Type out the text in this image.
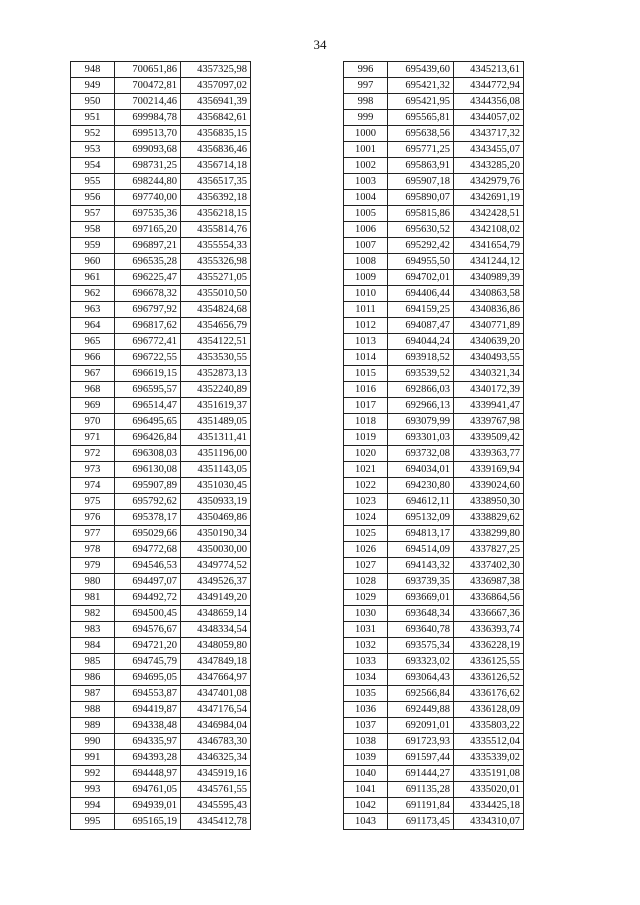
34
948	700651,86	4357325,98
949	700472,81	4357097,02
950	700214,46	4356941,39
951	699984,78	4356842,61
952	699513,70	4356835,15
953	699093,68	4356836,46
954	698731,25	4356714,18
955	698244,80	4356517,35
956	697740,00	4356392,18
957	697535,36	4356218,15
958	697165,20	4355814,76
959	696897,21	4355554,33
960	696535,28	4355326,98
961	696225,47	4355271,05
962	696678,32	4355010,50
963	696797,92	4354824,68
964	696817,62	4354656,79
965	696772,41	4354122,51
966	696722,55	4353530,55
967	696619,15	4352873,13
968	696595,57	4352240,89
969	696514,47	4351619,37
970	696495,65	4351489,05
971	696426,84	4351311,41
972	696308,03	4351196,00
973	696130,08	4351143,05
974	695907,89	4351030,45
975	695792,62	4350933,19
976	695378,17	4350469,86
977	695029,66	4350190,34
978	694772,68	4350030,00
979	694546,53	4349774,52
980	694497,07	4349526,37
981	694492,72	4349149,20
982	694500,45	4348659,14
983	694576,67	4348334,54
984	694721,20	4348059,80
985	694745,79	4347849,18
986	694695,05	4347664,97
987	694553,87	4347401,08
988	694419,87	4347176,54
989	694338,48	4346984,04
990	694335,97	4346783,30
991	694393,28	4346325,34
992	694448,97	4345919,16
993	694761,05	4345761,55
994	694939,01	4345595,43
995	695165,19	4345412,78
996	695439,60	4345213,61
997	695421,32	4344772,94
998	695421,95	4344356,08
999	695565,81	4344057,02
1000	695638,56	4343717,32
1001	695771,25	4343455,07
1002	695863,91	4343285,20
1003	695907,18	4342979,76
1004	695890,07	4342691,19
1005	695815,86	4342428,51
1006	695630,52	4342108,02
1007	695292,42	4341654,79
1008	694955,50	4341244,12
1009	694702,01	4340989,39
1010	694406,44	4340863,58
1011	694159,25	4340836,86
1012	694087,47	4340771,89
1013	694044,24	4340639,20
1014	693918,52	4340493,55
1015	693539,52	4340321,34
1016	692866,03	4340172,39
1017	692966,13	4339941,47
1018	693079,99	4339767,98
1019	693301,03	4339509,42
1020	693732,08	4339363,77
1021	694034,01	4339169,94
1022	694230,80	4339024,60
1023	694612,11	4338950,30
1024	695132,09	4338829,62
1025	694813,17	4338299,80
1026	694514,09	4337827,25
1027	694143,32	4337402,30
1028	693739,35	4336987,38
1029	693669,01	4336864,56
1030	693648,34	4336667,36
1031	693640,78	4336393,74
1032	693575,34	4336228,19
1033	693323,02	4336125,55
1034	693064,43	4336126,52
1035	692566,84	4336176,62
1036	692449,88	4336128,09
1037	692091,01	4335803,22
1038	691723,93	4335512,04
1039	691597,44	4335339,02
1040	691444,27	4335191,08
1041	691135,28	4335020,01
1042	691191,84	4334425,18
1043	691173,45	4334310,07
